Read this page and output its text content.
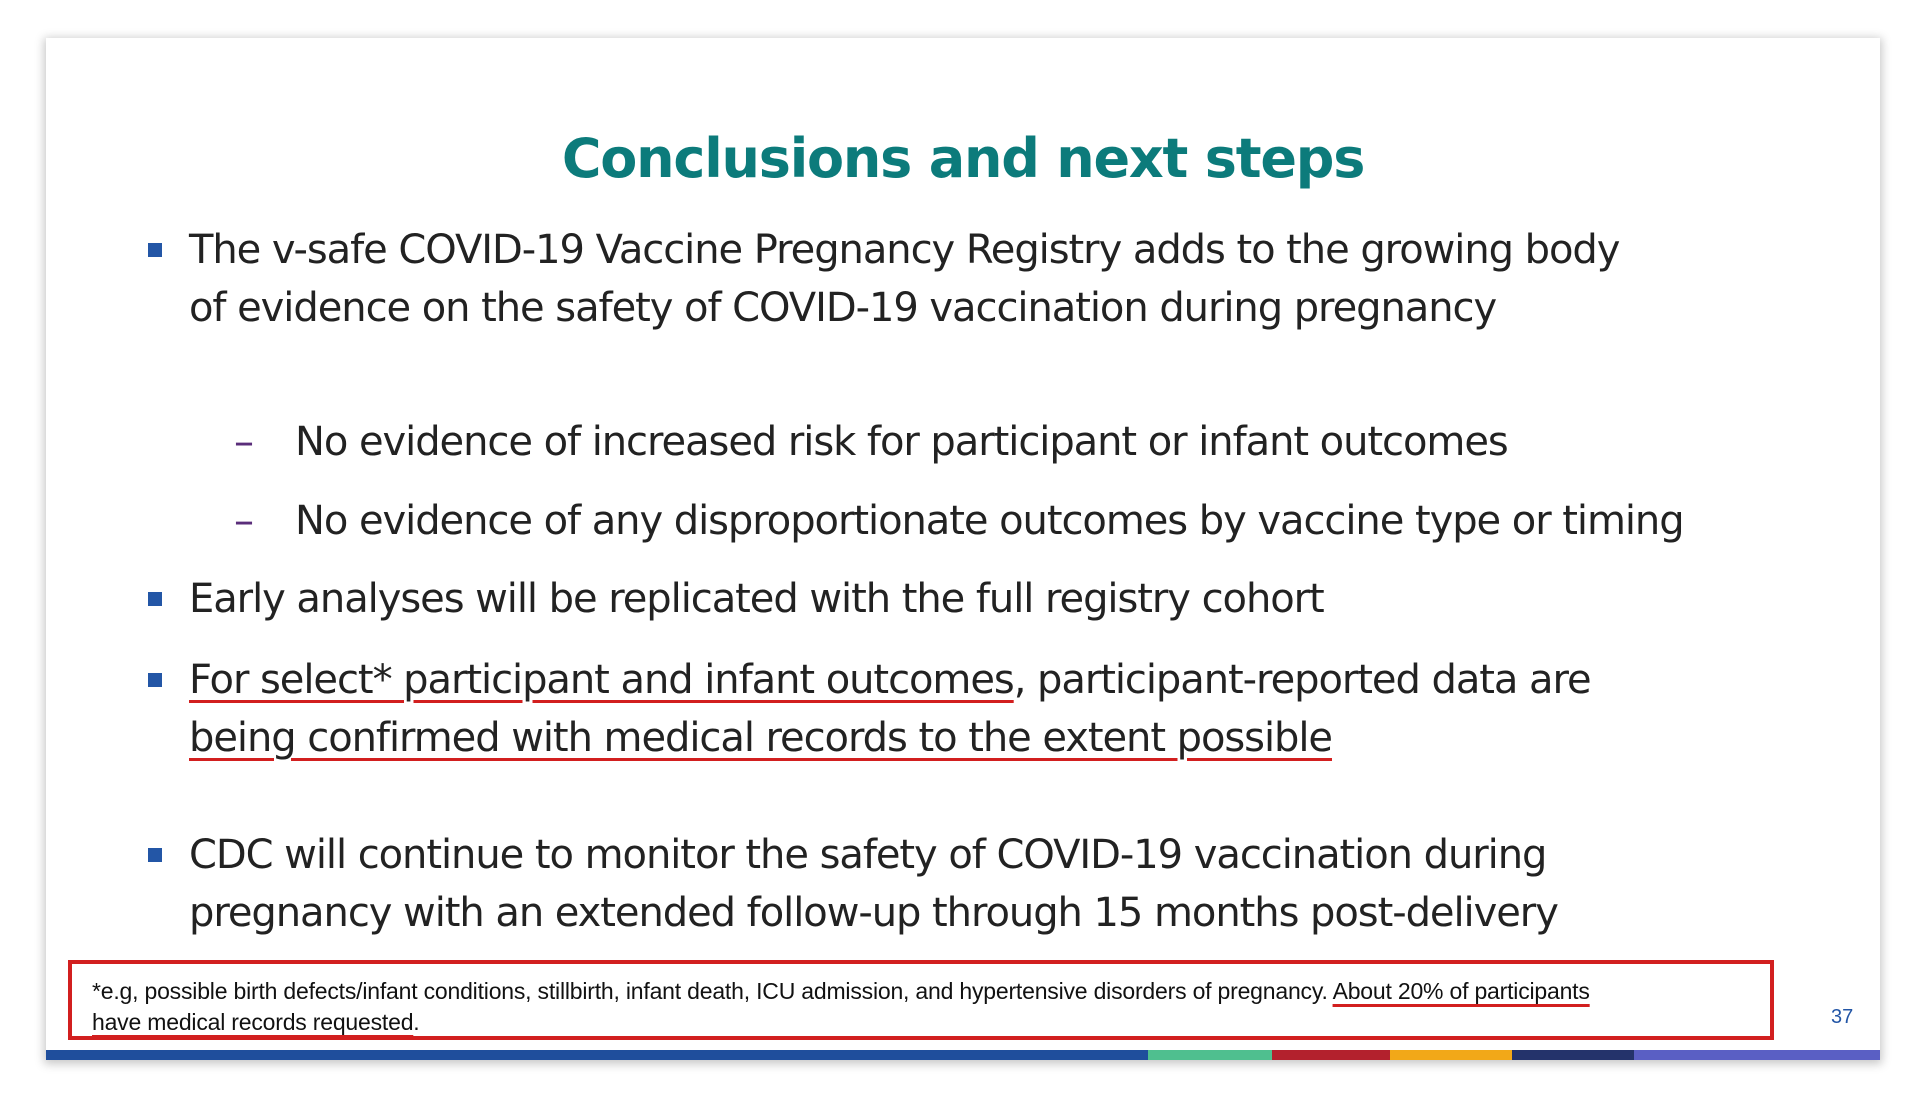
Conclusions and next steps
The v-safe COVID-19 Vaccine Pregnancy Registry adds to the growing body
of evidence on the safety of COVID-19 vaccination during pregnancy
– No evidence of increased risk for participant or infant outcomes
– No evidence of any disproportionate outcomes by vaccine type or timing
Early analyses will be replicated with the full registry cohort
For select* participant and infant outcomes, participant-reported data are
being confirmed with medical records to the extent possible
CDC will continue to monitor the safety of COVID-19 vaccination during
pregnancy with an extended follow-up through 15 months post-delivery
*e.g, possible birth defects/infant conditions, stillbirth, infant death, ICU admission, and hypertensive disorders of pregnancy. About 20% of participants
have medical records requested.	37
